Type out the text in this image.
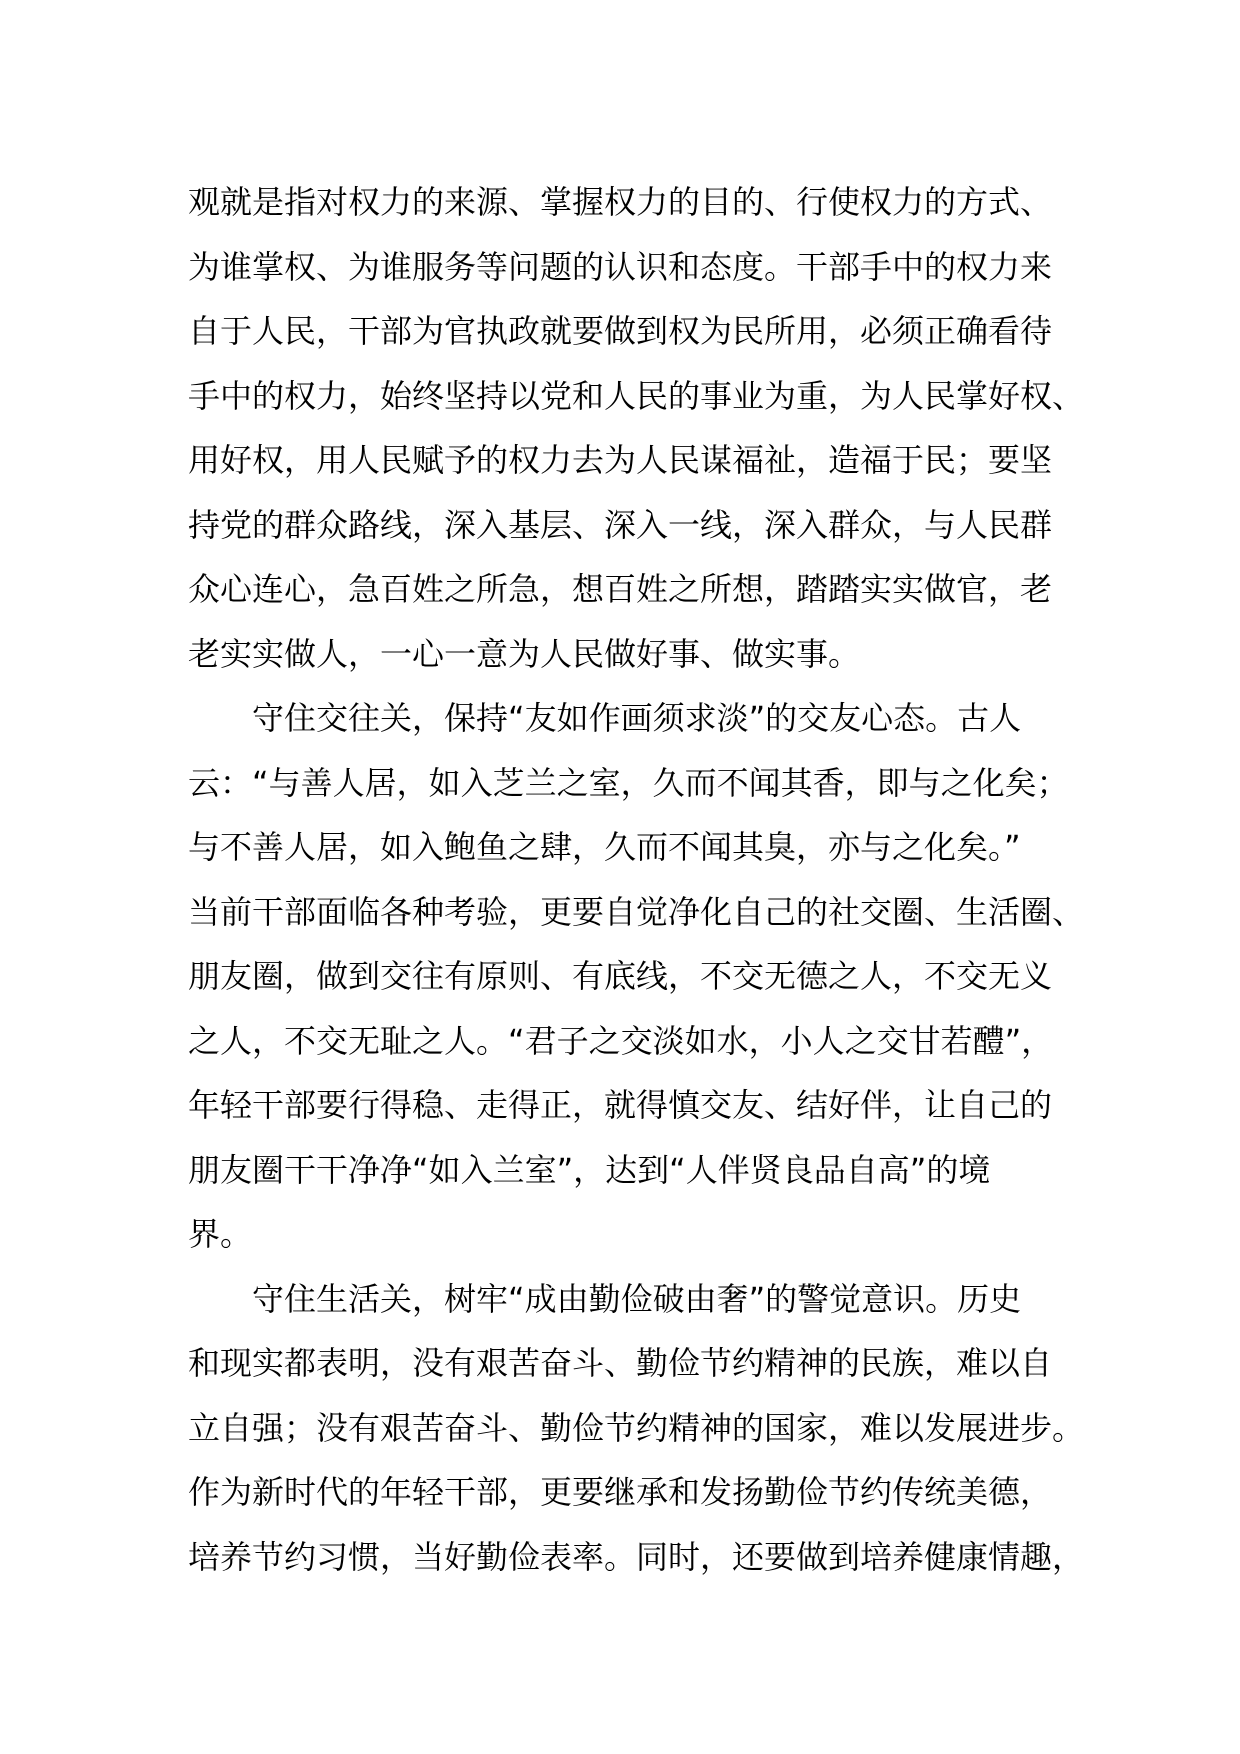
观就是指对权力的来源、掌握权力的目的、行使权力的方式、
为谁掌权、为谁服务等问题的认识和态度。干部手中的权力来
自于人民，干部为官执政就要做到权为民所用，必须正确看待
手中的权力，始终坚持以党和人民的事业为重，为人民掌好权、
用好权，用人民赋予的权力去为人民谋福祉，造福于民；要坚
持党的群众路线，深入基层、深入一线，深入群众，与人民群
众心连心，急百姓之所急，想百姓之所想，踏踏实实做官，老
老实实做人，一心一意为人民做好事、做实事。
守住交往关，保持“友如作画须求淡”的交友心态。古人
云：“与善人居，如入芝兰之室，久而不闻其香，即与之化矣；
与不善人居，如入鲍鱼之肆，久而不闻其臭，亦与之化矣。”
当前干部面临各种考验，更要自觉净化自己的社交圈、生活圈、
朋友圈，做到交往有原则、有底线，不交无德之人，不交无义
之人，不交无耻之人。“君子之交淡如水，小人之交甘若醴”，
年轻干部要行得稳、走得正，就得慎交友、结好伴，让自己的
朋友圈干干净净“如入兰室”，达到“人伴贤良品自高”的境
界。
守住生活关，树牢“成由勤俭破由奢”的警觉意识。历史
和现实都表明，没有艰苦奋斗、勤俭节约精神的民族，难以自
立自强；没有艰苦奋斗、勤俭节约精神的国家，难以发展进步。
作为新时代的年轻干部，更要继承和发扬勤俭节约传统美德，
培养节约习惯，当好勤俭表率。同时，还要做到培养健康情趣，
